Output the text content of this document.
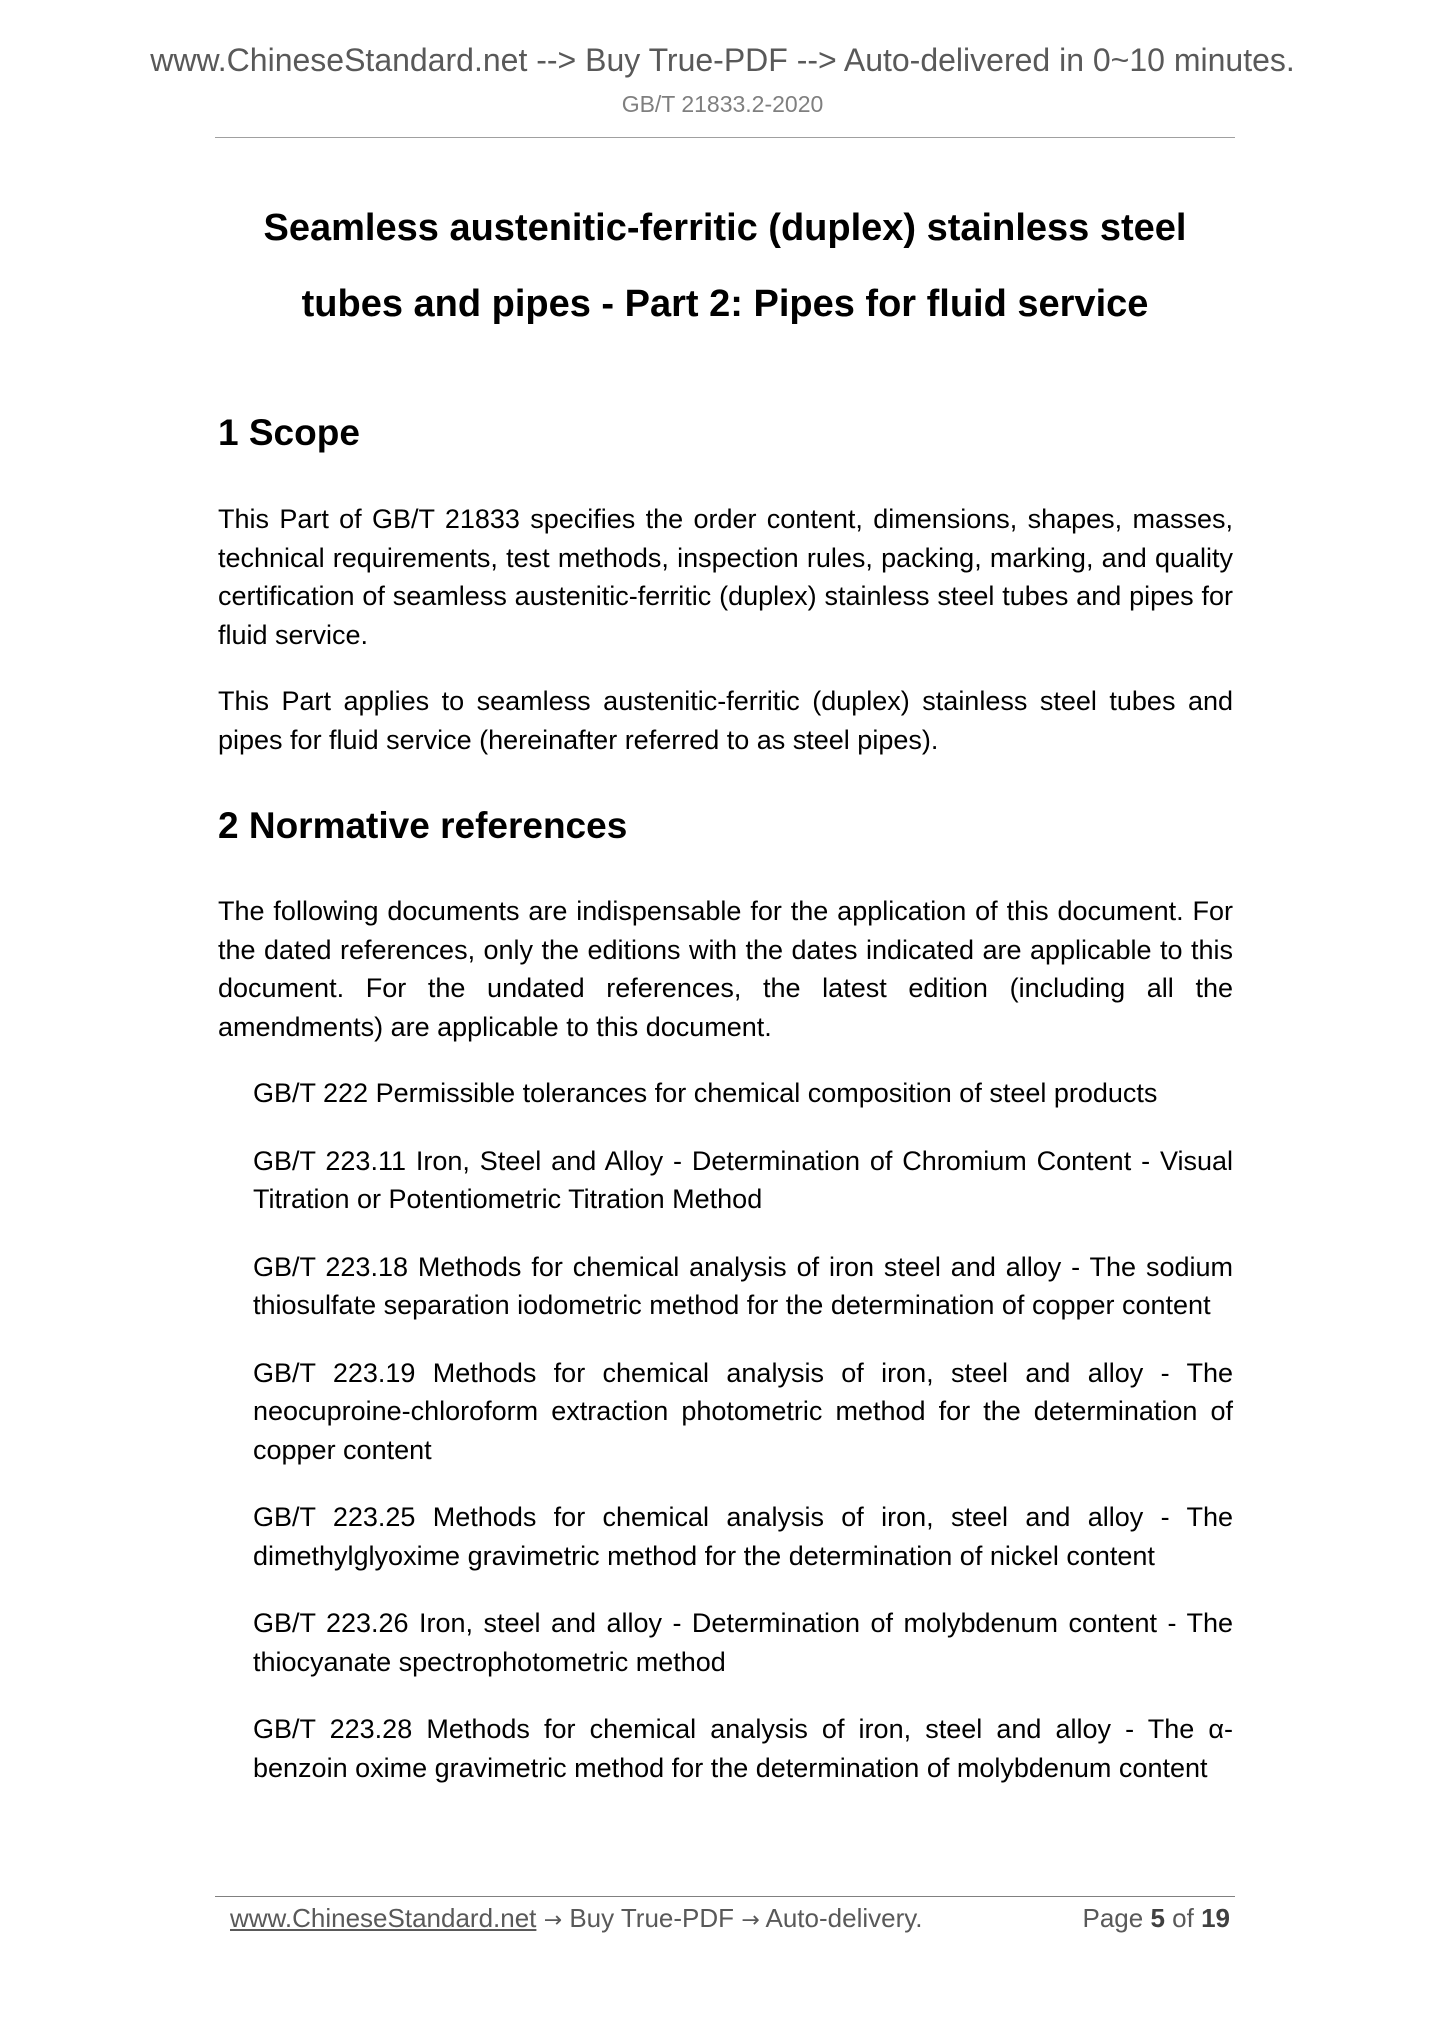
www.ChineseStandard.net --> Buy True-PDF --> Auto-delivered in 0~10 minutes.
GB/T 21833.2-2020
Seamless austenitic-ferritic (duplex) stainless steel
tubes and pipes - Part 2: Pipes for fluid service
1 Scope
This Part of GB/T 21833 specifies the order content, dimensions, shapes, masses, technical requirements, test methods, inspection rules, packing, marking, and quality certification of seamless austenitic-ferritic (duplex) stainless steel tubes and pipes for fluid service.
This Part applies to seamless austenitic-ferritic (duplex) stainless steel tubes and pipes for fluid service (hereinafter referred to as steel pipes).
2 Normative references
The following documents are indispensable for the application of this document. For the dated references, only the editions with the dates indicated are applicable to this document. For the undated references, the latest edition (including all the amendments) are applicable to this document.
GB/T 222 Permissible tolerances for chemical composition of steel products
GB/T 223.11 Iron, Steel and Alloy - Determination of Chromium Content - Visual Titration or Potentiometric Titration Method
GB/T 223.18 Methods for chemical analysis of iron steel and alloy - The sodium thiosulfate separation iodometric method for the determination of copper content
GB/T 223.19 Methods for chemical analysis of iron, steel and alloy - The neocuproine-chloroform extraction photometric method for the determination of copper content
GB/T 223.25 Methods for chemical analysis of iron, steel and alloy - The dimethylglyoxime gravimetric method for the determination of nickel content
GB/T 223.26 Iron, steel and alloy - Determination of molybdenum content - The thiocyanate spectrophotometric method
GB/T 223.28 Methods for chemical analysis of iron, steel and alloy - The α-benzoin oxime gravimetric method for the determination of molybdenum content
www.ChineseStandard.net → Buy True-PDF → Auto-delivery.	Page 5 of 19
